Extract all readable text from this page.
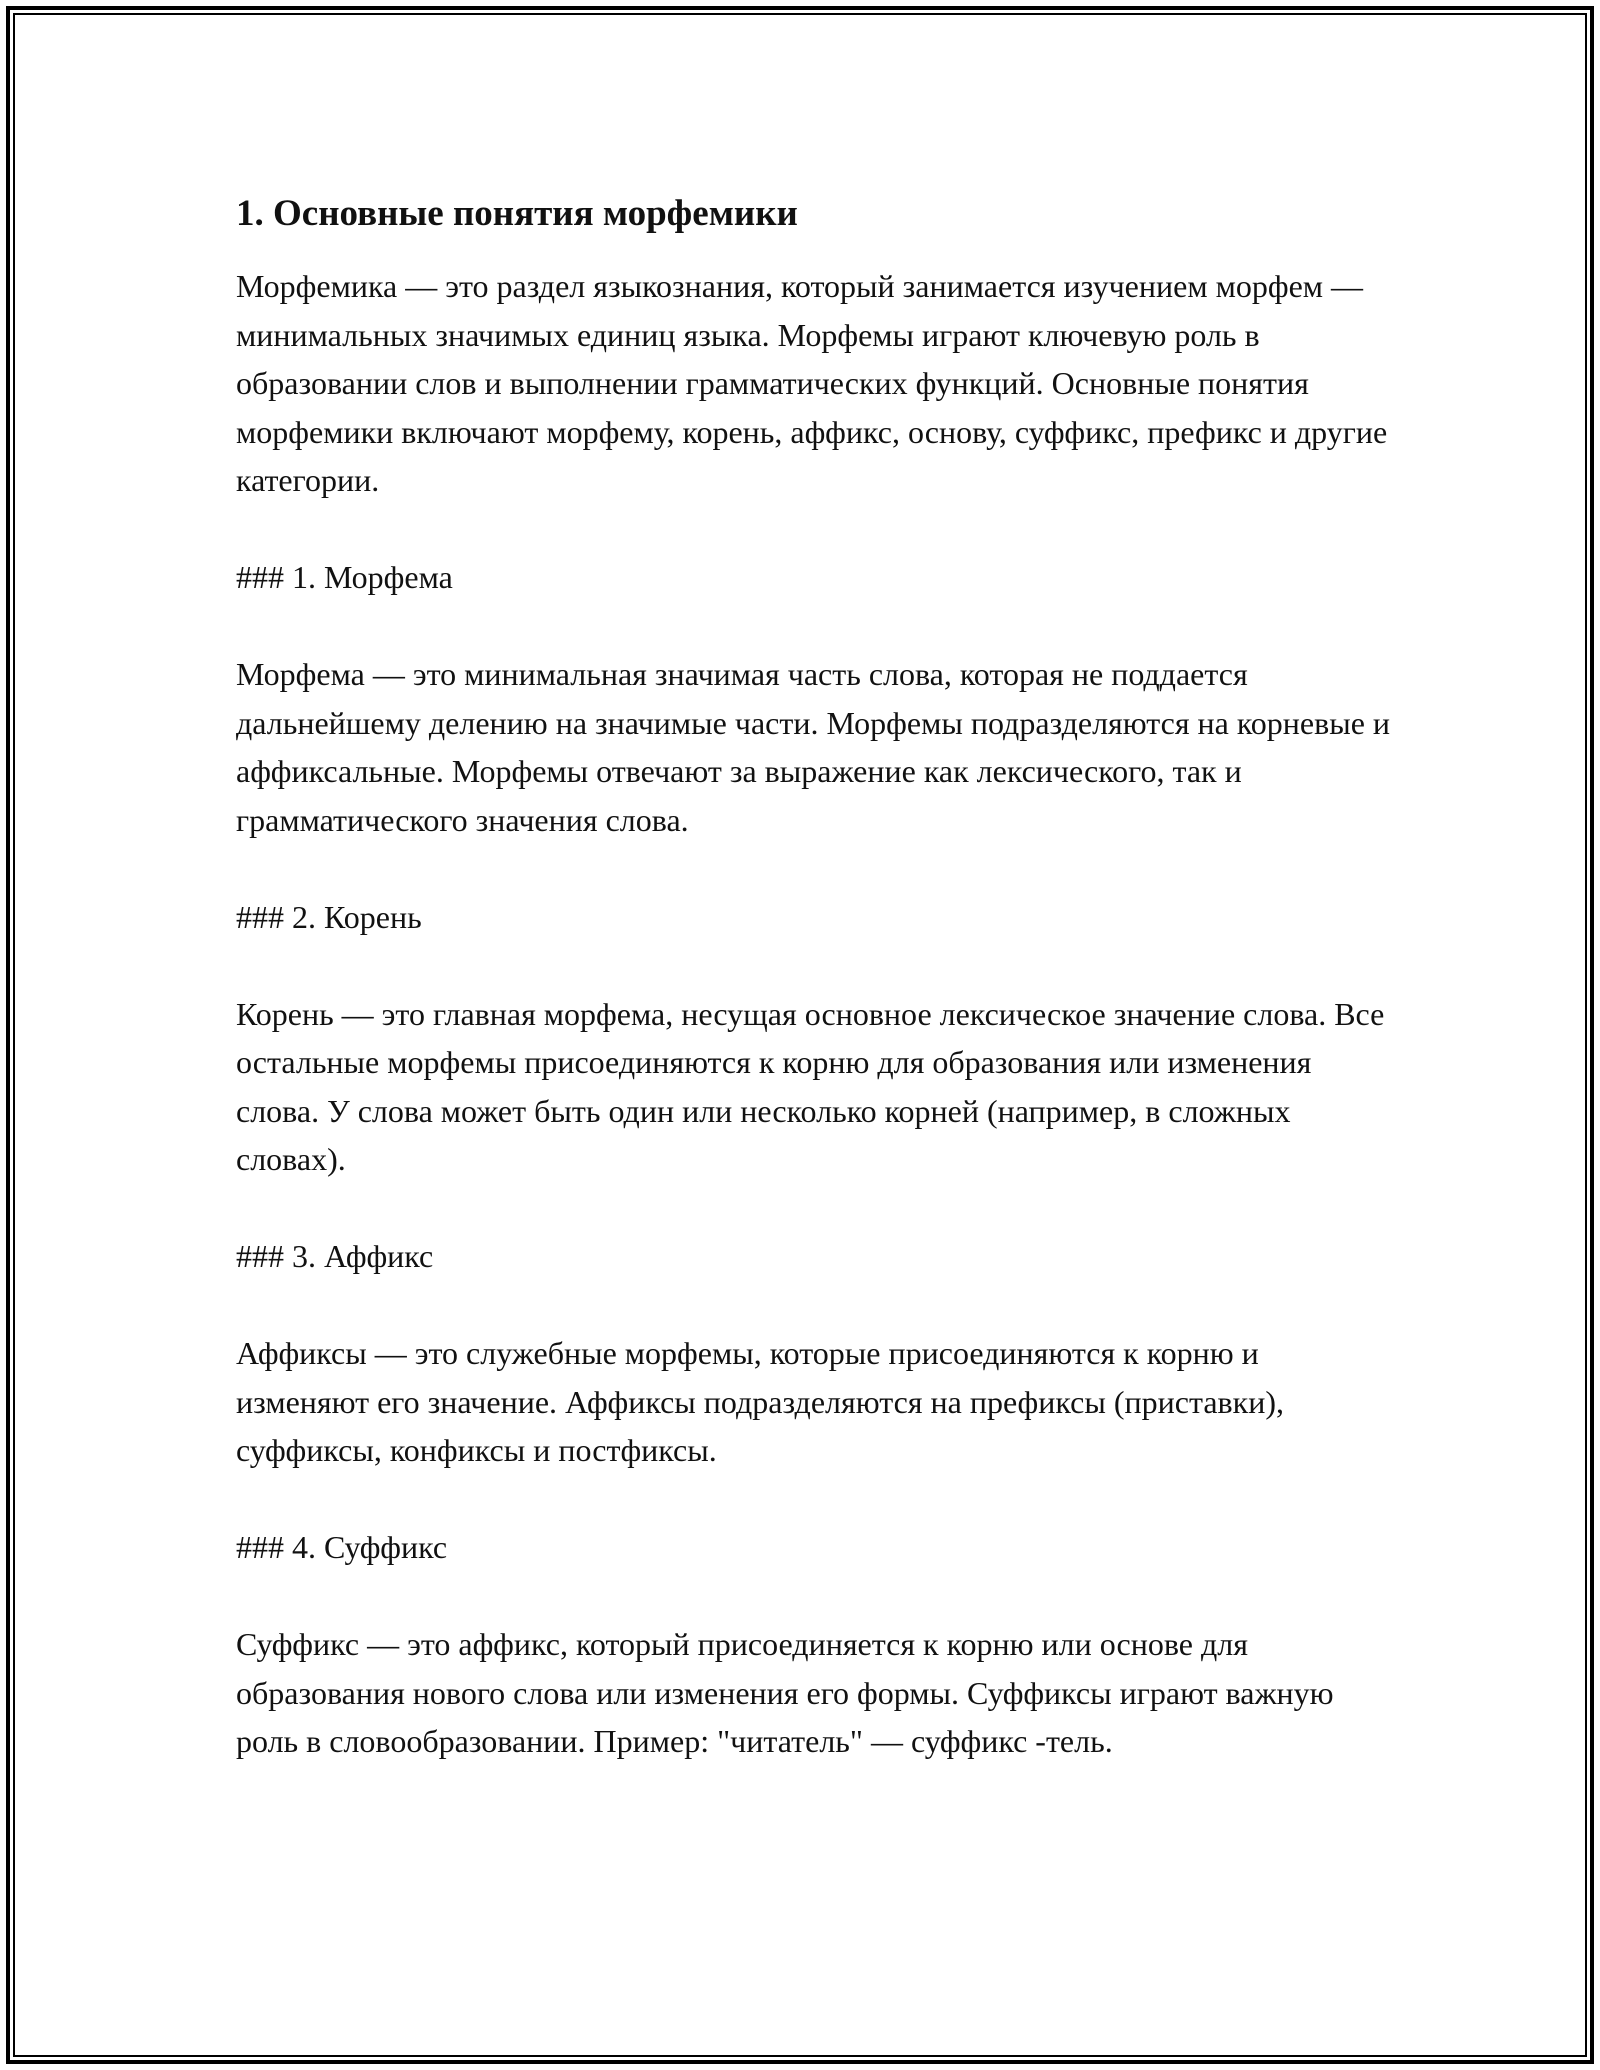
1. Основные понятия морфемики

Морфемика — это раздел языкознания, который занимается изучением морфем — минимальных значимых единиц языка. Морфемы играют ключевую роль в образовании слов и выполнении грамматических функций. Основные понятия морфемики включают морфему, корень, аффикс, основу, суффикс, префикс и другие категории.

### 1. Морфема

Морфема — это минимальная значимая часть слова, которая не поддается дальнейшему делению на значимые части. Морфемы подразделяются на корневые и аффиксальные. Морфемы отвечают за выражение как лексического, так и грамматического значения слова.

### 2. Корень

Корень — это главная морфема, несущая основное лексическое значение слова. Все остальные морфемы присоединяются к корню для образования или изменения слова. У слова может быть один или несколько корней (например, в сложных словах).

### 3. Аффикс

Аффиксы — это служебные морфемы, которые присоединяются к корню и изменяют его значение. Аффиксы подразделяются на префиксы (приставки), суффиксы, конфиксы и постфиксы.

### 4. Суффикс

Суффикс — это аффикс, который присоединяется к корню или основе для образования нового слова или изменения его формы. Суффиксы играют важную роль в словообразовании. Пример: "читатель" — суффикс -тель.
